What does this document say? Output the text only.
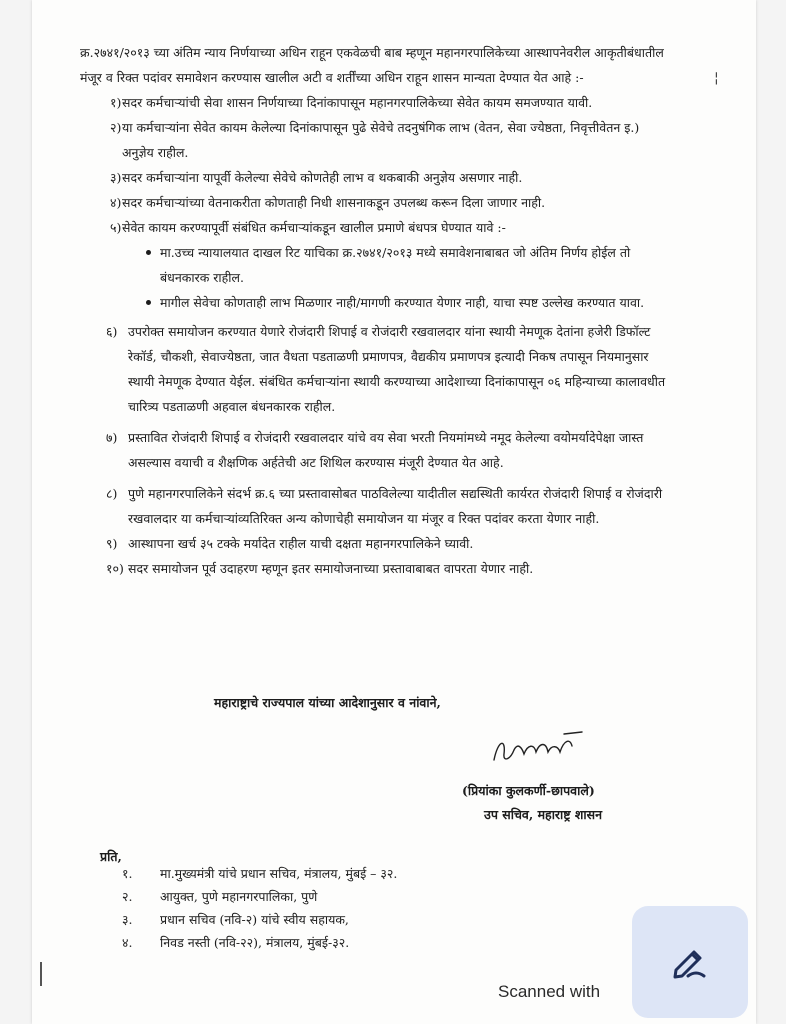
क्र.२७४१/२०१३ च्या अंतिम न्याय निर्णयाच्या अधिन राहून एकवेळची बाब म्हणून महानगरपालिकेच्या आस्थापनेवरील आकृतीबंधातील मंजूर व रिक्त पदांवर समावेशन करण्यास खालील अटी व शर्तींच्या अधिन राहून शासन मान्यता देण्यात येत आहे :-

१) सदर कर्मचाऱ्यांची सेवा शासन निर्णयाच्या दिनांकापासून महानगरपालिकेच्या सेवेत कायम समजण्यात यावी.

२) या कर्मचाऱ्यांना सेवेत कायम केलेल्या दिनांकापासून पुढे सेवेचे तदनुषंगिक लाभ (वेतन, सेवा ज्येष्ठता, निवृत्तीवेतन इ.) अनुज्ञेय राहील.

३) सदर कर्मचाऱ्यांना यापूर्वी केलेल्या सेवेचे कोणतेही लाभ व थकबाकी अनुज्ञेय असणार नाही.

४) सदर कर्मचाऱ्यांच्या वेतनाकरीता कोणताही निधी शासनाकडून उपलब्ध करून दिला जाणार नाही.

५) सेवेत कायम करण्यापूर्वी संबंधित कर्मचाऱ्यांकडून खालील प्रमाणे बंधपत्र घेण्यात यावे :-

मा.उच्च न्यायालयात दाखल रिट याचिका क्र.२७४१/२०१३ मध्ये समावेशनाबाबत जो अंतिम निर्णय होईल तो बंधनकारक राहील.

मागील सेवेचा कोणताही लाभ मिळणार नाही/मागणी करण्यात येणार नाही, याचा स्पष्ट उल्लेख करण्यात यावा.

६) उपरोक्त समायोजन करण्यात येणारे रोजंदारी शिपाई व रोजंदारी रखवालदार यांना स्थायी नेमणूक देतांना हजेरी डिफॉल्ट रेकॉर्ड, चौकशी, सेवाज्येष्ठता, जात वैधता पडताळणी प्रमाणपत्र, वैद्यकीय प्रमाणपत्र इत्यादी निकष तपासून नियमानुसार स्थायी नेमणूक देण्यात येईल. संबंधित कर्मचाऱ्यांना स्थायी करण्याच्या आदेशाच्या दिनांकापासून ०६ महिन्याच्या कालावधीत चारित्र्य पडताळणी अहवाल बंधनकारक राहील.

७) प्रस्तावित रोजंदारी शिपाई व रोजंदारी रखवालदार यांचे वय सेवा भरती नियमांमध्ये नमूद केलेल्या वयोमर्यादेपेक्षा जास्त असल्यास वयाची व शैक्षणिक अर्हतेची अट शिथिल करण्यास मंजूरी देण्यात येत आहे.

८) पुणे महानगरपालिकेने संदर्भ क्र.६ च्या प्रस्तावासोबत पाठविलेल्या यादीतील सद्यस्थिती कार्यरत रोजंदारी शिपाई व रोजंदारी रखवालदार या कर्मचाऱ्यांव्यतिरिक्त अन्य कोणाचेही समायोजन या मंजूर व रिक्त पदांवर करता येणार नाही.

९) आस्थापना खर्च ३५ टक्के मर्यादेत राहील याची दक्षता महानगरपालिकेने घ्यावी.

१०) सदर समायोजन पूर्व उदाहरण म्हणून इतर समायोजनाच्या प्रस्तावाबाबत वापरता येणार नाही.

महाराष्ट्राचे राज्यपाल यांच्या आदेशानुसार व नांवाने,
(प्रियांका कुलकर्णी-छापवाले)
उप सचिव, महाराष्ट्र शासन
प्रति,
१. मा.मुख्यमंत्री यांचे प्रधान सचिव, मंत्रालय, मुंबई – ३२.
२. आयुक्त, पुणे महानगरपालिका, पुणे
३. प्रधान सचिव (नवि-२) यांचे स्वीय सहायक,
४. निवड नस्ती (नवि-२२), मंत्रालय, मुंबई-३२.
¦
Scanned with
